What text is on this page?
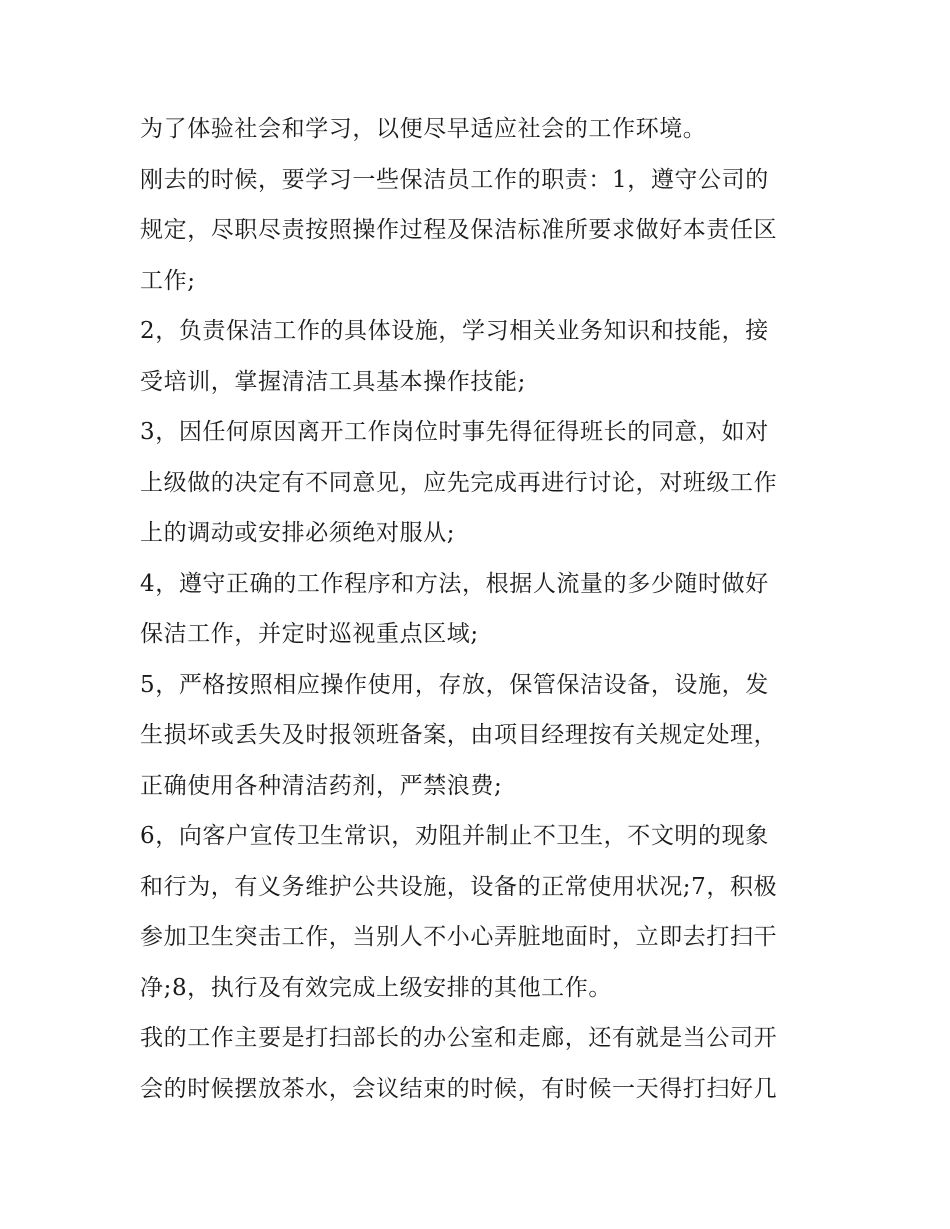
为了体验社会和学习，以便尽早适应社会的工作环境。
刚去的时候，要学习一些保洁员工作的职责：1，遵守公司的
规定，尽职尽责按照操作过程及保洁标准所要求做好本责任区
工作;
2，负责保洁工作的具体设施，学习相关业务知识和技能，接
受培训，掌握清洁工具基本操作技能;
3，因任何原因离开工作岗位时事先得征得班长的同意，如对
上级做的决定有不同意见，应先完成再进行讨论，对班级工作
上的调动或安排必须绝对服从;
4，遵守正确的工作程序和方法，根据人流量的多少随时做好
保洁工作，并定时巡视重点区域;
5，严格按照相应操作使用，存放，保管保洁设备，设施，发
生损坏或丢失及时报领班备案，由项目经理按有关规定处理，
正确使用各种清洁药剂，严禁浪费;
6，向客户宣传卫生常识，劝阻并制止不卫生，不文明的现象
和行为，有义务维护公共设施，设备的正常使用状况;7，积极
参加卫生突击工作，当别人不小心弄脏地面时，立即去打扫干
净;8，执行及有效完成上级安排的其他工作。
我的工作主要是打扫部长的办公室和走廊，还有就是当公司开
会的时候摆放茶水，会议结束的时候，有时候一天得打扫好几
